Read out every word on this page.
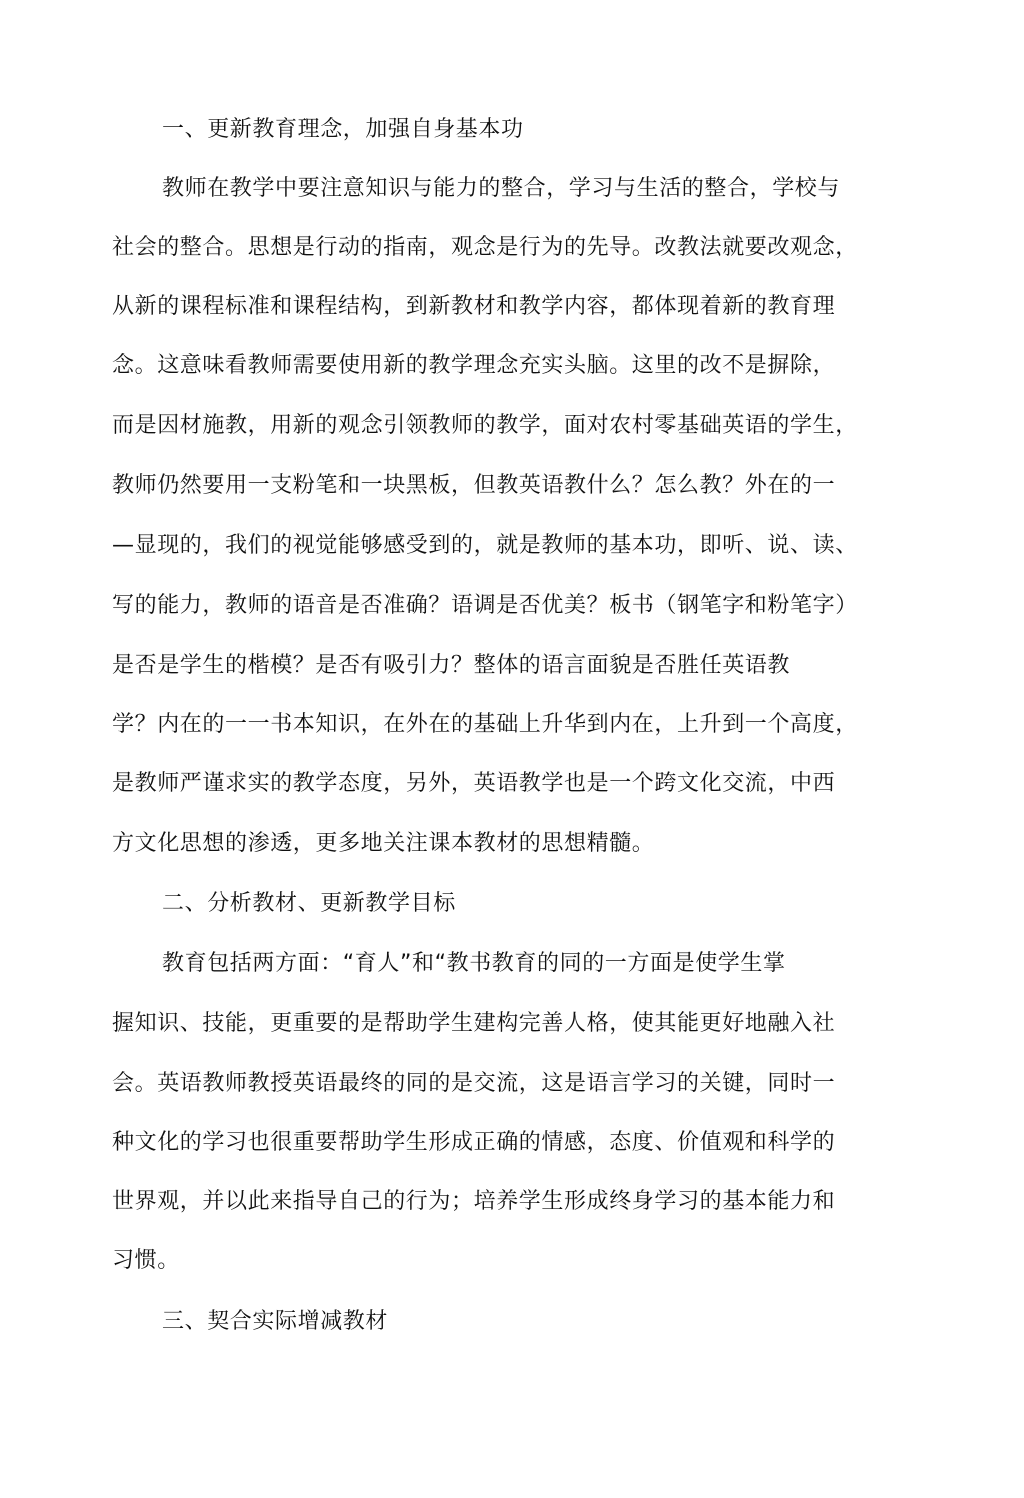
一、更新教育理念，加强自身基本功
教师在教学中要注意知识与能力的整合，学习与生活的整合，学校与
社会的整合。思想是行动的指南，观念是行为的先导。改教法就要改观念，
从新的课程标准和课程结构，到新教材和教学内容，都体现着新的教育理
念。这意味看教师需要使用新的教学理念充实头脑。这里的改不是摒除，
而是因材施教，用新的观念引领教师的教学，面对农村零基础英语的学生，
教师仍然要用一支粉笔和一块黑板，但教英语教什么？怎么教？外在的一
—显现的，我们的视觉能够感受到的，就是教师的基本功，即听、说、读、
写的能力，教师的语音是否准确？语调是否优美？板书（钢笔字和粉笔字）
是否是学生的楷模？是否有吸引力？整体的语言面貌是否胜任英语教
学？内在的一一书本知识，在外在的基础上升华到内在，上升到一个高度，
是教师严谨求实的教学态度，另外，英语教学也是一个跨文化交流，中西
方文化思想的渗透，更多地关注课本教材的思想精髓。
二、分析教材、更新教学目标
教育包括两方面：“育人”和“教书教育的同的一方面是使学生掌
握知识、技能，更重要的是帮助学生建构完善人格，使其能更好地融入社
会。英语教师教授英语最终的同的是交流，这是语言学习的关键，同时一
种文化的学习也很重要帮助学生形成正确的情感，态度、价值观和科学的
世界观，并以此来指导自己的行为；培养学生形成终身学习的基本能力和
习惯。
三、契合实际增减教材
